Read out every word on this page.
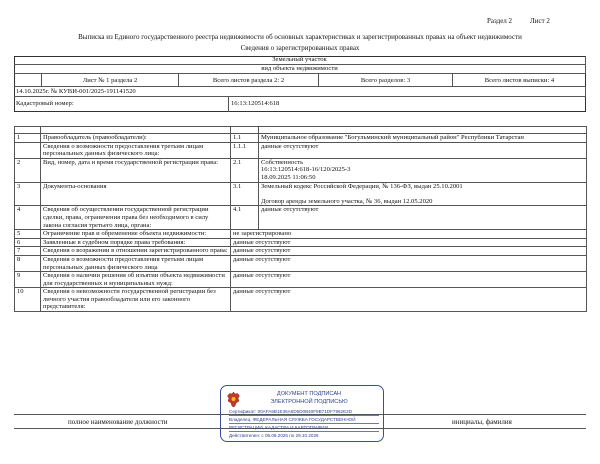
Раздел 2	Лист 2
Выписка из Единого государственного реестра недвижимости об основных характеристиках и зарегистрированных правах на объект недвижимости
Сведения о зарегистрированных правах
Земельный участок
вид объекта недвижимости
Лист № 1 раздела 2	Всего листов раздела 2: 2	Всего разделов: 3	Всего листов выписки: 4
14.10.2025г. № КУВИ-001/2025-191141520
Кадастровый номер:	16:13:120514:618

1	Правообладатель (правообладатели):	1.1	Муниципальное образование "Богульминский муниципальный район" Республики Татарстан
	Сведения о возможности предоставления третьим лицам персональных данных физического лица:	1.1.1	данные отсутствуют
2	Вид, номер, дата и время государственной регистрации права:	2.1	Собственность
16:13:120514:618-16/120/2025-3
18.09.2025 11:06:50
3	Документы-основания	3.1	Земельный кодекс Российской Федерации, № 136-ФЗ, выдан 25.10.2001

Договор аренды земельного участка, № 36, выдан 12.05.2020
4	Сведения об осуществлении государственной регистрации сделки, права, ограничения права без необходимого в силу закона согласия третьего лица, органа:	4.1	данные отсутствуют
5	Ограничение прав и обременение объекта недвижимости:	не зарегистрировано	
6	Заявленные в судебном порядке права требования:	данные отсутствуют	
7	Сведения о возражении в отношении зарегистрированного права:	данные отсутствуют	
8	Сведения о возможности предоставления третьим лицам персональных данных физического лица	данные отсутствуют	
9	Сведения о наличии решения об изъятии объекта недвижимости для государственных и муниципальных нужд:	данные отсутствуют	
10	Сведения о невозможности государственной регистрации без личного участия правообладателя или его законного представителя:	данные отсутствуют	
полное наименование должности	инициалы, фамилия
ДОКУМЕНТ ПОДПИСАН
ЭЛЕКТРОННОЙ ПОДПИСЬЮ
Сертификат: 00AFA6B1E36A6D5D0B40F9B71DF7962E2D
Владелец: ФЕДЕРАЛЬНАЯ СЛУЖБА ГОСУДАРСТВЕННОЙ
РЕГИСТРАЦИИ, КАДАСТРА И КАРТОГРАФИИ
Действителен: с 05.08.2025 по 29.10.2026
